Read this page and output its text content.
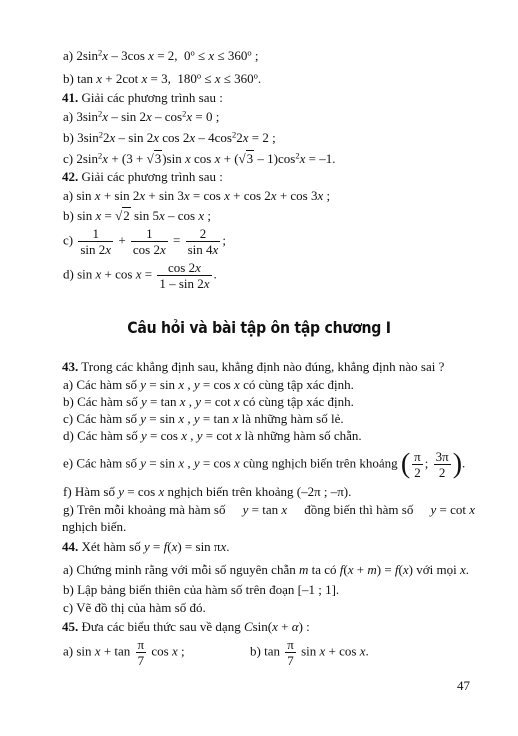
a) $2\sin^2x - 3\cos$ x = 2,  $0^o \le x \le 360^o$ ;
b) tan x + 2cot x = 3,  $180^o \le x \le 360^o$.
41. Giải các phương trình sau :
a) $3\sin^2x - \sin 2x - \cos^2x = 0$ ;
b) $3\sin^22x$ – sin 2x $\cos 2x - 4\cos^22x = 2$ ;
c) $2\sin^2x + (3 + √3)\sin$ x $\cos x + (√3 - 1)\cos^2x = -1$.
42. Giải các phương trình sau :
a) sin x + sin 2x + sin 3x = cos x + cos 2x + cos 3x ;
b) sin x = √2 sin 5x – cos x ;
$c) \frac{1}{\sin 2x} + \frac{1}{\cos 2x} = \frac{2}{\sin 4x}$ ;
d) $\sin x + \cos x = \frac{\cos 2x}{1 - \sin 2x}$ .
Câu hỏi và bài tập ôn tập chương I
43. Trong các khẳng định sau, khẳng định nào đúng, khẳng định nào sai ?
a) Các hàm số y = sin x , y = cos x có cùng tập xác định.
b) Các hàm số y = tan x , y = cot x có cùng tập xác định.
c) Các hàm số y = sin x , y = tan x là những hàm số lẻ.
d) Các hàm số y = cos x , y = cot x là những hàm số chẵn.
e) Các hàm số y = sin x , y = cos x cùng nghịch biến trên khoảng ( $\frac{\pi}{2}$ ; $\frac{3\pi}{2}$ ).
f) Hàm số y = cos x nghịch biến trên khoảng (–2π ; –π).
g) Trên mỗi khoảng mà hàm số y = tan x đồng biến thì hàm số y = cot x
nghịch biến.
44. Xét hàm số y = f(x) = sin πx.
a) Chứng minh rằng với mỗi số nguyên chẵn m ta có f(x + m) = f(x) với mọi x.
b) Lập bảng biến thiên của hàm số trên đoạn [–1 ; 1].
c) Vẽ đồ thị của hàm số đó.
45. Đưa các biểu thức sau về dạng Csin(x + α) :
a) $\sin x + \tan \frac{\pi}{7}$ cos x ;	b) $\tan \frac{\pi}{7}$ sin x + cos x.
47
